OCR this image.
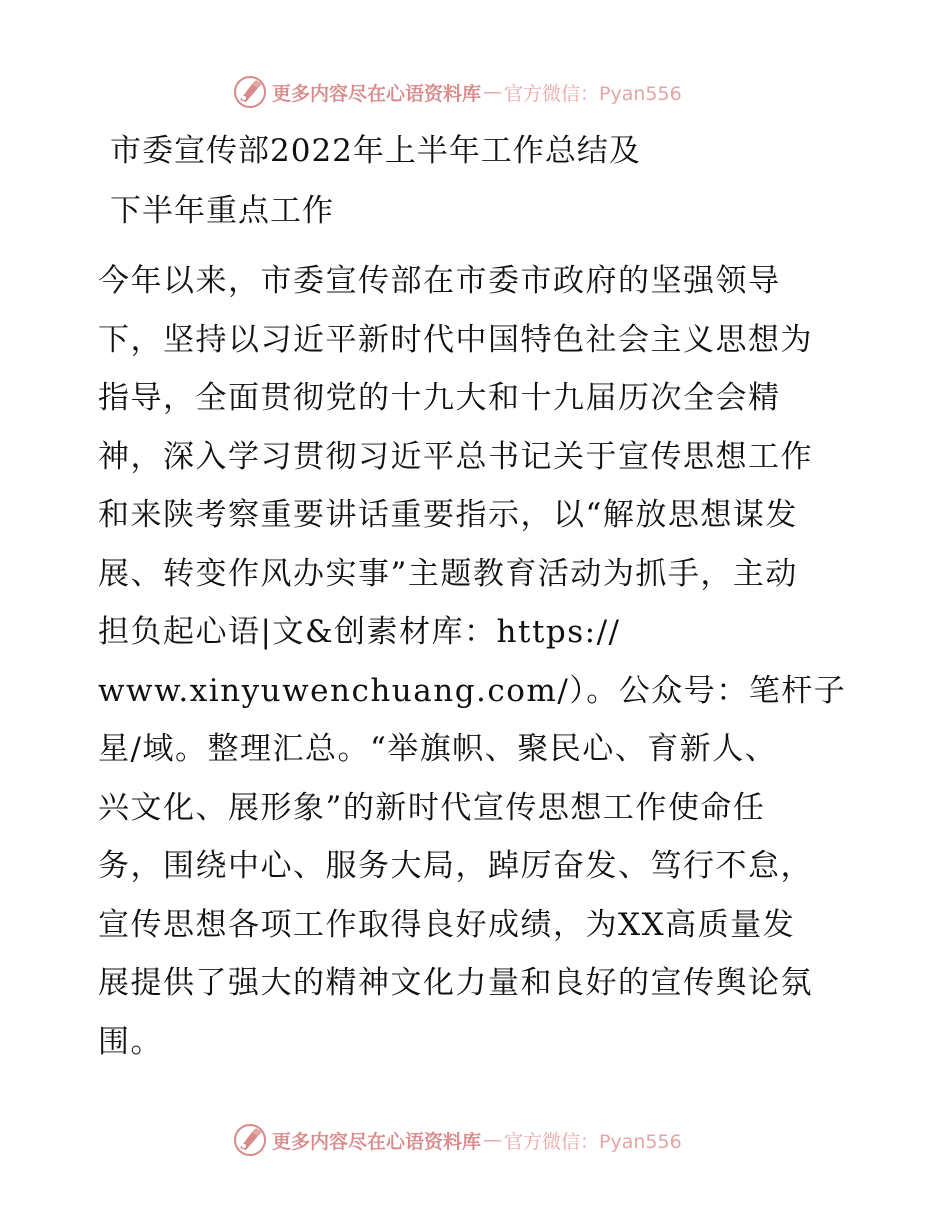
更多内容尽在心语资料库 — 官方微信：Pyan556
市委宣传部2022年上半年工作总结及
下半年重点工作
今年以来，市委宣传部在市委市政府的坚强领导
下，坚持以习近平新时代中国特色社会主义思想为
指导，全面贯彻党的十九大和十九届历次全会精
神，深入学习贯彻习近平总书记关于宣传思想工作
和来陕考察重要讲话重要指示，以“解放思想谋发
展、转变作风办实事”主题教育活动为抓手，主动
担负起心语|文&创素材库：https://
www.xinyuwenchuang.com/）。公众号：笔杆子
星/域。整理汇总。“举旗帜、聚民心、育新人、
兴文化、展形象”的新时代宣传思想工作使命任
务，围绕中心、服务大局，踔厉奋发、笃行不怠，
宣传思想各项工作取得良好成绩，为XX高质量发
展提供了强大的精神文化力量和良好的宣传舆论氛
围。
更多内容尽在心语资料库 — 官方微信：Pyan556
